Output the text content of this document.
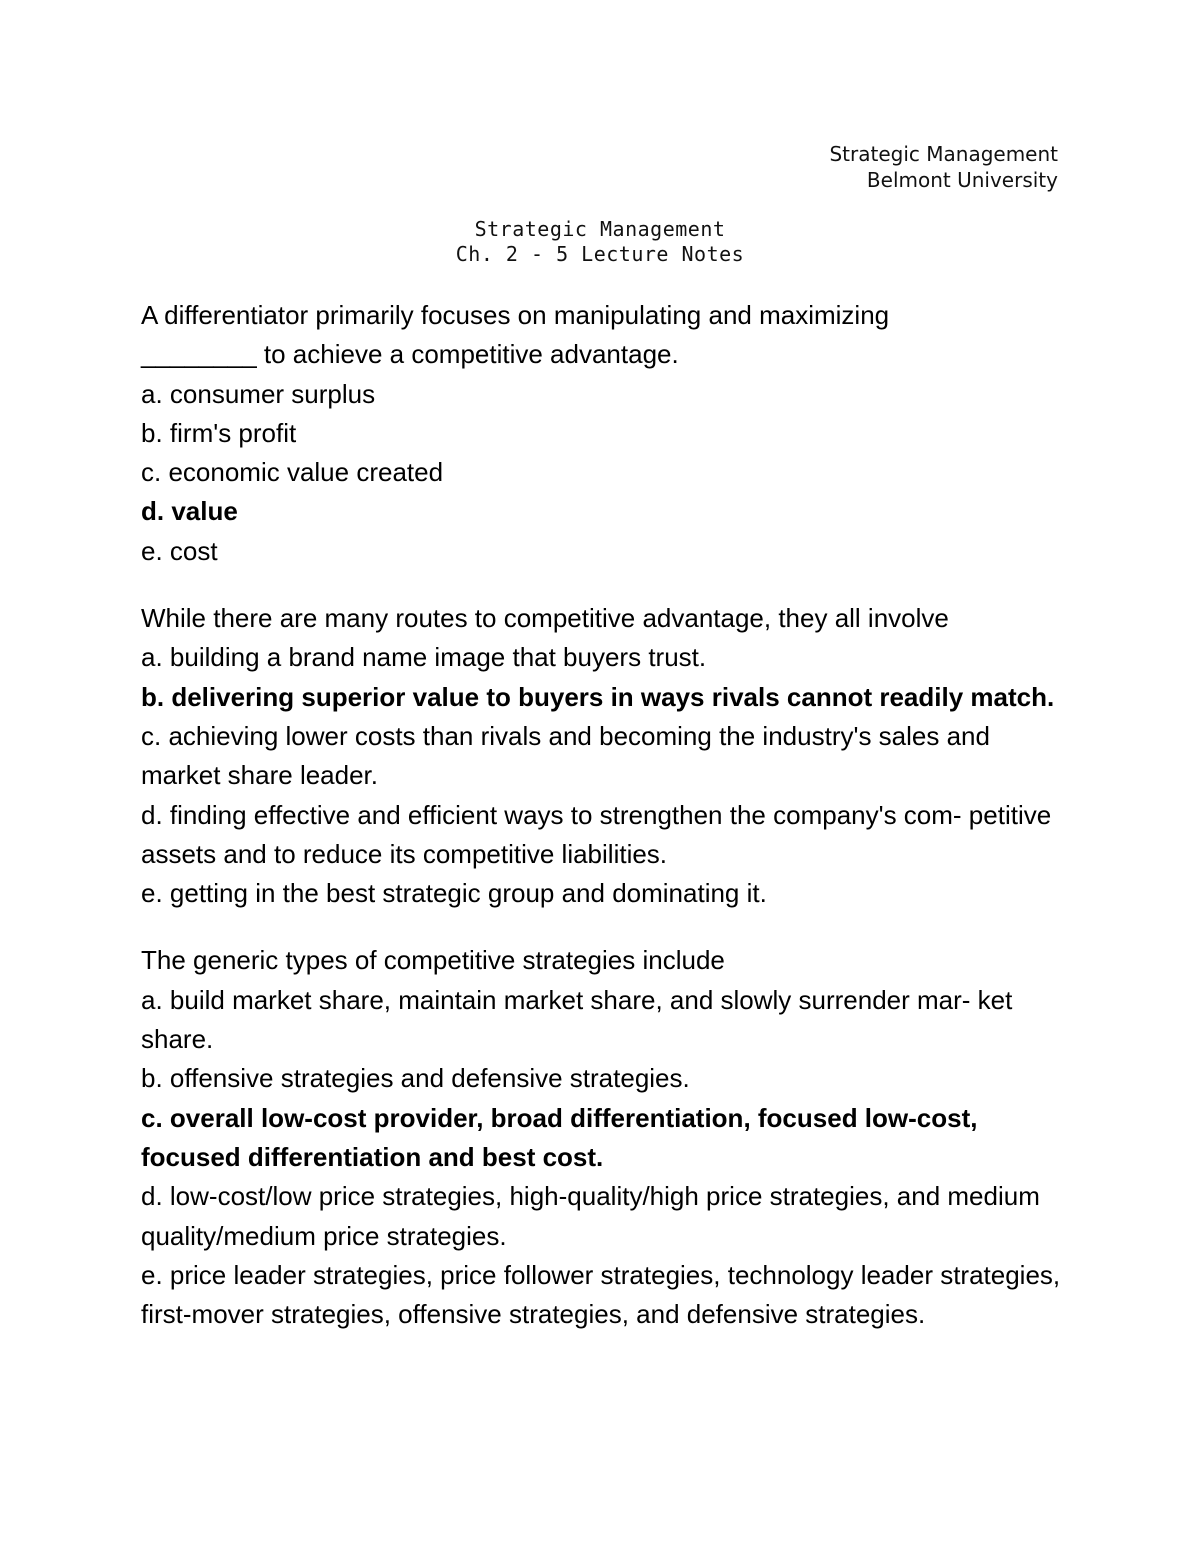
Strategic Management
Belmont University
Strategic Management
Ch. 2 - 5 Lecture Notes
A differentiator primarily focuses on manipulating and maximizing
________ to achieve a competitive advantage.
a. consumer surplus
b. firm's profit
c. economic value created
d. value
e. cost
While there are many routes to competitive advantage, they all involve
a. building a brand name image that buyers trust.
b. delivering superior value to buyers in ways rivals cannot readily match.
c. achieving lower costs than rivals and becoming the industry's sales and market share leader.
d. finding effective and efficient ways to strengthen the company's com- petitive assets and to reduce its competitive liabilities.
e. getting in the best strategic group and dominating it.
The generic types of competitive strategies include
a. build market share, maintain market share, and slowly surrender mar- ket share.
b. offensive strategies and defensive strategies.
c. overall low-cost provider, broad differentiation, focused low-cost, focused differentiation and best cost.
d. low-cost/low price strategies, high-quality/high price strategies, and medium quality/medium price strategies.
e. price leader strategies, price follower strategies, technology leader strategies, first-mover strategies, offensive strategies, and defensive strategies.
